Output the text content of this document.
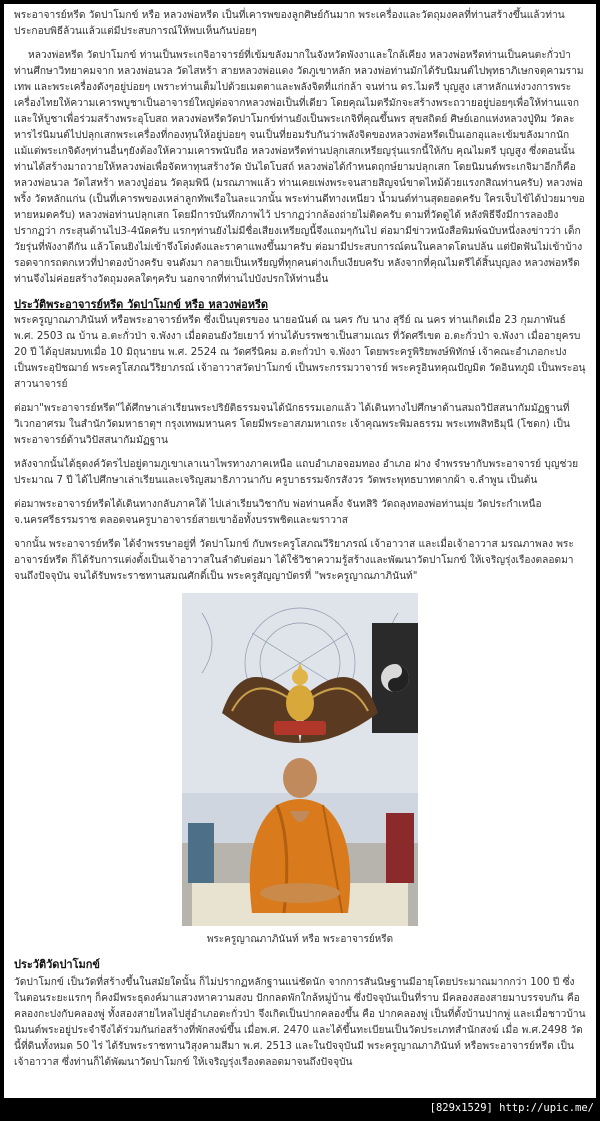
พระอาจารย์หรีด วัดปาโมกข์ หรือ หลวงพ่อหรีด เป็นที่เคารพของลูกศิษย์กันมาก พระเครื่องและวัตถุมงคลที่ท่านสร้างขึ้นแล้วท่านประกอบพิธีล้วนแล้วแต่มีประสบการณ์ให้พบเห็นกันบ่อยๆ

หลวงพ่อหรีด วัดปาโมกข์ ท่านเป็นพระเกจิอาจารย์ที่เข้มขลังมากในจังหวัดพังงาและใกล้เคียง หลวงพ่อหรีดท่านเป็นคนตะกั่วป่า ท่านศึกษาวิทยาคมจาก หลวงพ่อนวล วัดไสหร้า สายหลวงพ่อแดง วัดภูเขาหลัก หลวงพ่อท่านมักได้รับนิมนต์ไปพุทธาภิเษกจตุคามรามเทพ และพระเครื่องดังๆอยู่บ่อยๆ เพราะท่านเต็มไปด้วยเมตตาและพลังจิตที่แก่กล้า จนท่าน ดร.ไมตรี บุญสูง เสาหลักแห่งวงการพระเครื่องไทยให้ความเคารพบูชาเป็นอาจารย์ใหญ่ต่อจากหลวงพ่อเป็นที่เดียว โดยคุณไมตรีมักจะสร้างพระถวายอยู่บ่อยๆเพื่อให้ท่านแจกและให้บูชาเพื่อร่วมสร้างพระอุโบสถ หลวงพ่อหรีดวัดปาโมกข์ท่านยังเป็นพระเกจิที่คุณขึ้นพร สุขสถิตย์ ศิษย์เอกแห่งหลวงปู่ทิม วัดละหารไร่นิมนต์ไปปลุกเสกพระเครื่องที่กองทุนให้อยู่บ่อยๆ จนเป็นที่ยอมรับกันว่าพลังจิตของหลวงพ่อหรีดเป็นเอกอุและเข้มขลังมากนัก แม้แต่พระเกจิดังๆท่านอื่นๆยังต้องให้ความเคารพนับถือ หลวงพ่อหรีดท่านปลุกเสกเหรียญรุ่นแรกนี้ให้กับ คุณไมตรี บุญสูง ซึ่งตอนนั้นท่านได้สร้างมาถวายให้หลวงพ่อเพื่อจัดหาทุนสร้างวัด บันไดโบสถ์ หลวงพ่อได้กำหนดฤกษ์ยามปลุกเสก โดยนิมนต์พระเกจิมาอีกก็คือ หลวงพ่อนวล วัดไสหร้า หลวงปู่อ่อน วัดลุมพินี (มรณภาพแล้ว ท่านเคยเพ่งพระจนสายสิญจน์ขาดไหม้ด้วยแรงกสิณท่านครับ) หลวงพ่อพริ้ง วัดหลักแก่น (เป็นที่เคารพของเหล่าลูกทัพเรือในละแวกนั้น พระท่านดีทางเหนียว น้ำมนต์ท่านสุดยอดครับ ใครเจ็บไข้ได้ป่วยมาขอหายหมดครับ) หลวงพ่อท่านปลุกเสก โดยมีการบันทึกภาพไว้ ปรากฏว่ากล้องถ่ายไม่ติดครับ ตามที่วัดดูได้ หลังพิธีจึงมีการลองยิง ปรากฏว่า กระสุนด้านไป3-4นัดครับ แรกๆท่านยังไม่มีชื่อเสียงเหรียญนี้จึงแถมๆกันไป ต่อมามีข่าวหนังสือพิมพ์ฉบับหนึ่งลงข่าวว่า เด็กวัยรุ่นที่พังงาตีกัน แล้วโดนยิงไม่เข้าจึงโด่งดังและราคาแพงขึ้นมาครับ ต่อมามีประสบการณ์ตนในคลาดโดนปล้น แต่ปัดฟันไม่เข้าบ้าง รอดจากรถตกเหวที่ป่าตองบ้างครับ จนดังมา กลายเป็นเหรียญที่ทุกคนต่างเก็บเงียบครับ หลังจากที่คุณไมตรีได้สิ้นบุญลง หลวงพ่อหรีดท่านจึงไม่ค่อยสร้างวัตถุมงคลใดๆครับ นอกจากที่ท่านไปบังปรกให้ท่านอื่น

ประวัติพระอาจารย์หรีด วัดปาโมกข์ หรือ หลวงพ่อหรีด

พระครูญาณภาภินันท์ หรือพระอาจารย์หรีด ซึ่งเป็นบุตรของ นายอนันต์ ณ นคร กับ นาง สุรีย์ ณ นคร ท่านเกิดเมื่อ 23 กุมภาพันธ์ พ.ศ. 2503 ณ บ้าน อ.ตะกั่วป่า จ.พังงา เมื่อตอนยังวัยเยาว์ ท่านได้บรรพชาเป็นสามเณร ที่วัดศรีเขต อ.ตะกั่วป่า จ.พังงา เมื่ออายุครบ 20 ปี ได้อุปสมบทเมื่อ 10 มิถุนายน พ.ศ. 2524 ณ วัดศรีนิคม อ.ตะกั่วป่า จ.พังงา โดยพระครูพิริยพงษ์พิทักษ์ เจ้าคณะอำเภอกะปง เป็นพระอุปัชฌาย์ พระครูโสภณวีริยาภรณ์ เจ้าอาวาสวัดปาโมกข์ เป็นพระกรรมวาจารย์ พระครูอินทคุณปัญมิต วัดอินทภูมิ เป็นพระอนุสาวนาจารย์

ต่อมา"พระอาจารย์หรีด"ได้ศึกษาเล่าเรียนพระปริยัติธรรมจนได้นักธรรมเอกแล้ว ได้เดินทางไปศึกษาด้านสมถวิปัสสนากัมมัฏฐานที่ วิเวกอาศรม ในสำนักวัดมหาธาตุฯ กรุงเทพมหานคร โดยมีพระอาสภมหาเถระ เจ้าคุณพระพิมลธรรม พระเทพสิทธิมุนี (โชดก) เป็นพระอาจารย์ด้านวิปัสสนากัมมัฏฐาน

หลังจากนั้นได้ธุดงค์วัตรไปอยู่ตามภูเขาเลาเนาไพรทางภาคเหนือ แถบอำเภอจอมทอง อำเภอ ฝาง จำพรรษากับพระอาจารย์ บุญช่วย ประมาณ 7 ปี ได้ไปศึกษาเล่าเรียนและเจริญสมาธิภาวนากับ ครูบาธรรมจักรสังวร วัดพระพุทธบาทตากผ้า จ.ลำพูน เป็นต้น

ต่อมาพระอาจารย์หรีดได้เดินทางกลับภาคใต้ ไปเล่าเรียนวิชากับ พ่อท่านคลิ้ง จันทสิริ วัดถลุงทองพ่อท่านมุ่ย วัดประกำเหนือ จ.นครศรีธรรมราช ตลอดจนครูบาอาจารย์สายเขาอ้อทั้งบรรพชิตและฆราวาส

จากนั้น พระอาจารย์หรีด ได้จำพรรษาอยู่ที่ วัดปาโมกข์ กับพระครูโสภณวีริยาภรณ์ เจ้าอาวาส และเมื่อเจ้าอาวาส มรณภาพลง พระอาจารย์หรีด ก็ได้รับการแต่งตั้งเป็นเจ้าอาวาสในลำดับต่อมา ได้ใช้วิชาความรู้สร้างและพัฒนาวัดปาโมกข์ ให้เจริญรุ่งเรืองตลอดมาจนถึงปัจจุบัน จนได้รับพระราชทานสมณศักดิ์เป็น พระครูสัญญาบัตรที่ "พระครูญาณภาภินันท์"

พระครูญาณภาภินันท์ หรือ พระอาจารย์หรีด

ประวัติวัดปาโมกข์

วัดปาโมกข์ เป็นวัดที่สร้างขึ้นในสมัยใดนั้น ก็ไม่ปรากฏหลักฐานแน่ชัดนัก จากการสันนิษฐานมีอายุโดยประมาณมากกว่า 100 ปี ซึ่งในตอนระยะแรกๆ ก็คงมีพระธุดงค์มาแสวงหาความสงบ ปักกลดพักใกล้หมู่บ้าน ซึ่งปัจจุบันเป็นที่ราบ มีคลองสองสายมาบรรจบกัน คือ คลองกะปงกับคลองพู่ ทั้งสองสายไหลไปสู่อำเภอตะกั่วป่า จึงเกิดเป็นปากคลองขึ้น คือ ปากคลองพู่ เป็นที่ตั้งบ้านปากพู่ และเมื่อชาวบ้านนิมนต์พระอยู่ประจำจึงได้ร่วมกันก่อสร้างที่พักสงฆ์ขึ้น เมื่อพ.ศ. 2470 และได้ขึ้นทะเบียนเป็นวัดประเภทสำนักสงฆ์ เมื่อ พ.ศ.2498 วัดนี้ที่ดินทั้งหมด 50 ไร่ ได้รับพระราชทานวิสุงคามสีมา พ.ศ. 2513 และในปัจจุบันมี พระครูญาณภาภินันท์ หรือพระอาจารย์หรีด เป็นเจ้าอาวาส ซึ่งท่านก็ได้พัฒนาวัดปาโมกข์ ให้เจริญรุ่งเรืองตลอดมาจนถึงปัจจุบัน

[829x1529] http://upic.me/
